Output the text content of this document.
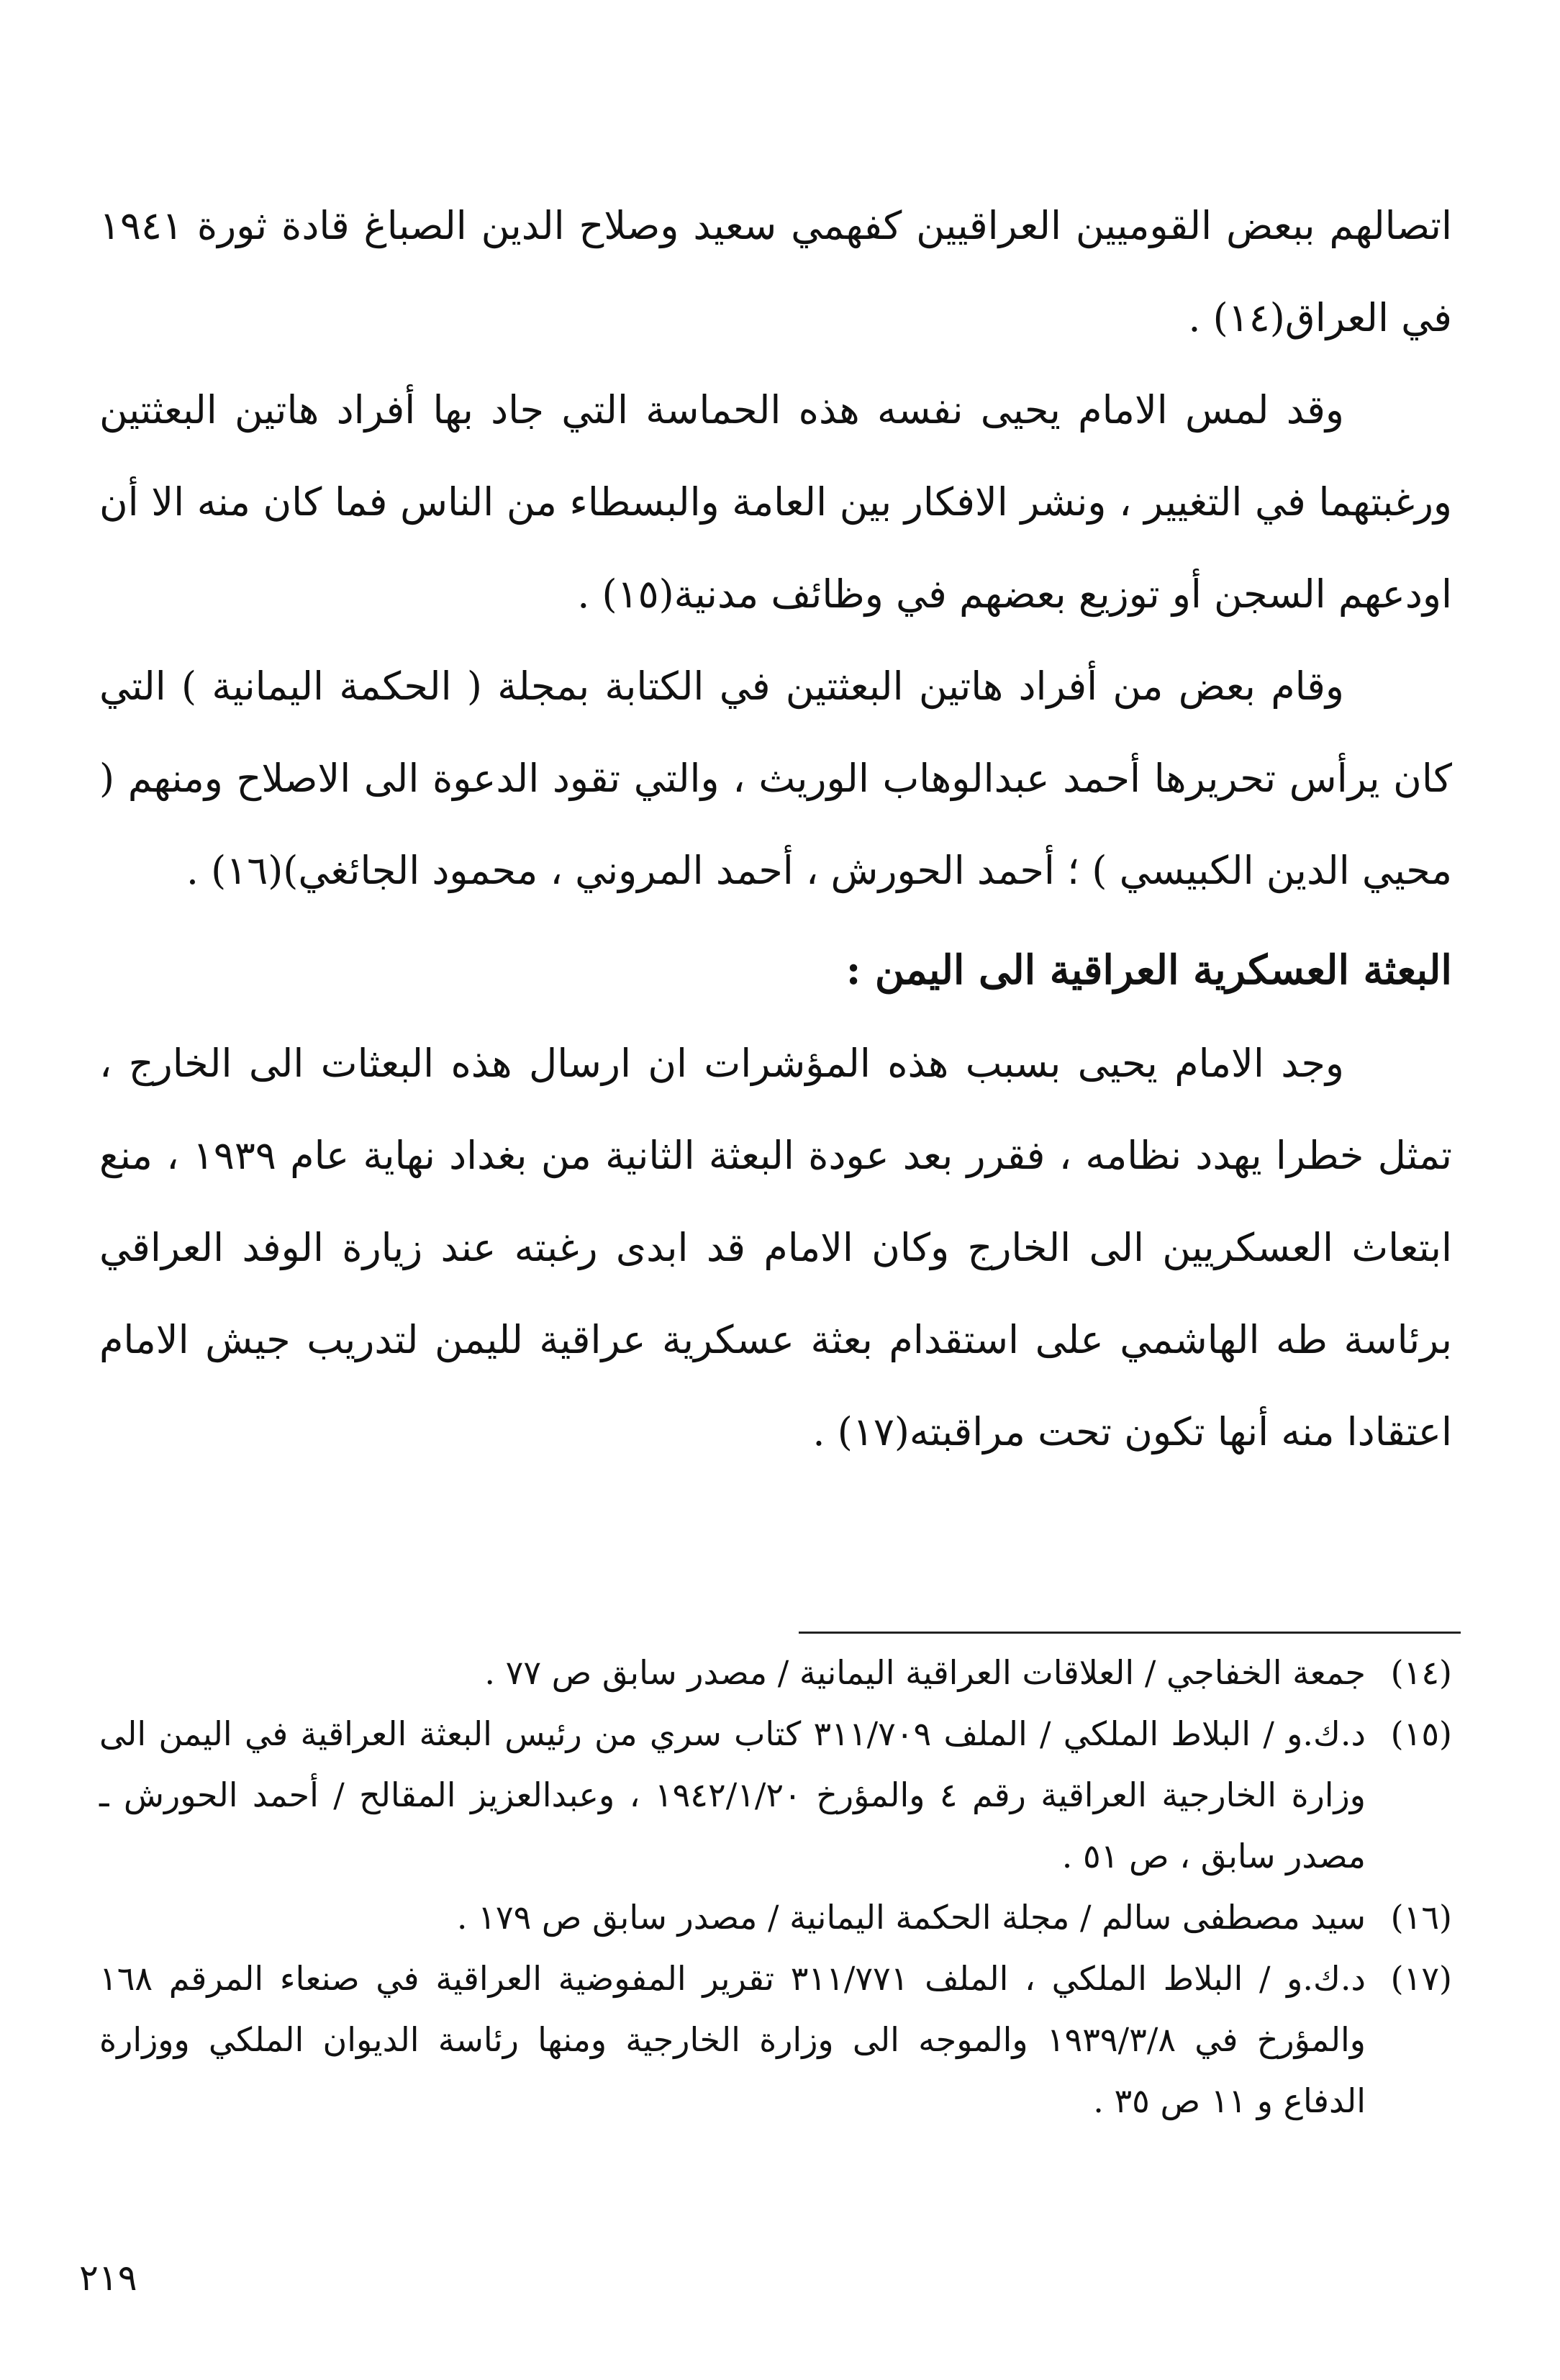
اتصالهم ببعض القوميين العراقيين كفهمي سعيد وصلاح الدين الصباغ قادة ثورة ١٩٤١ في العراق(١٤) .

وقد لمس الامام يحيى نفسه هذه الحماسة التي جاد بها أفراد هاتين البعثتين ورغبتهما في التغيير ، ونشر الافكار بين العامة والبسطاء من الناس فما كان منه الا أن اودعهم السجن أو توزيع بعضهم في وظائف مدنية(١٥) .

وقام بعض من أفراد هاتين البعثتين في الكتابة بمجلة ( الحكمة اليمانية ) التي كان يرأس تحريرها أحمد عبدالوهاب الوريث ، والتي تقود الدعوة الى الاصلاح ومنهم ( محيي الدين الكبيسي ) ؛ أحمد الحورش ، أحمد المروني ، محمود الجائغي)(١٦) .

البعثة العسكرية العراقية الى اليمن :

وجد الامام يحيى بسبب هذه المؤشرات ان ارسال هذه البعثات الى الخارج ، تمثل خطرا يهدد نظامه ، فقرر بعد عودة البعثة الثانية من بغداد نهاية عام ١٩٣٩ ، منع ابتعاث العسكريين الى الخارج وكان الامام قد ابدى رغبته عند زيارة الوفد العراقي برئاسة طه الهاشمي على استقدام بعثة عسكرية عراقية لليمن لتدريب جيش الامام اعتقادا منه أنها تكون تحت مراقبته(١٧) .

(١٤)
جمعة الخفاجي / العلاقات العراقية اليمانية / مصدر سابق ص ٧٧ .
(١٥)
د.ك.و / البلاط الملكي / الملف ٣١١/٧٠٩ كتاب سري من رئيس البعثة العراقية في اليمن الى وزارة الخارجية العراقية رقم ٤ والمؤرخ ١٩٤٢/١/٢٠ ، وعبدالعزيز المقالح / أحمد الحورش ـ مصدر سابق ، ص ٥١ .
(١٦)
سيد مصطفى سالم / مجلة الحكمة اليمانية / مصدر سابق ص ١٧٩ .
(١٧)
د.ك.و / البلاط الملكي ، الملف ٣١١/٧٧١ تقرير المفوضية العراقية في صنعاء المرقم ١٦٨ والمؤرخ في ١٩٣٩/٣/٨ والموجه الى وزارة الخارجية ومنها رئاسة الديوان الملكي ووزارة الدفاع و ١١ ص ٣٥ .
٢١٩
